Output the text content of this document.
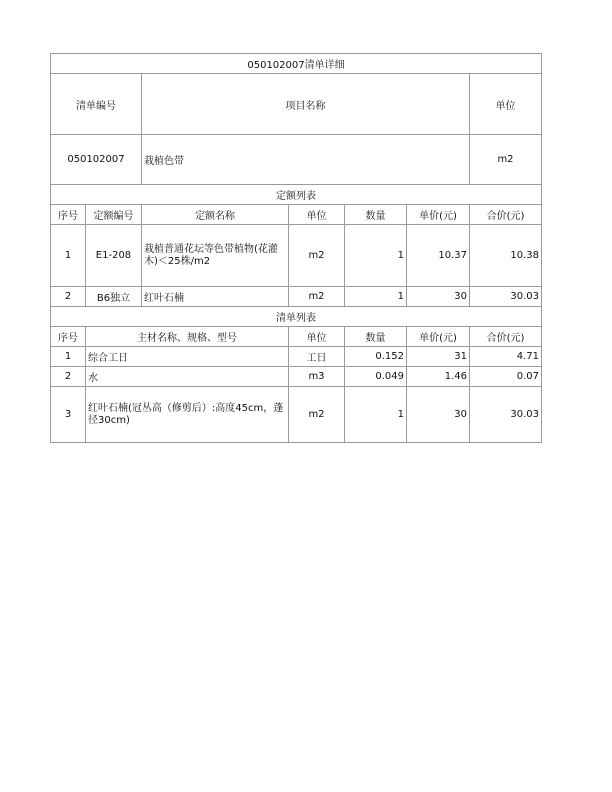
050102007清单详细							
清单编号		项目名称				单位	
050102007		栽植色带				m2	
定额列表							
序号	定额编号	定额名称	单位	数量	单价(元)	合价(元)	
1	E1-208	栽植普通花坛等色带植物(花灌木)＜25株/m2	m2	1	10.37	10.38	
2	B6独立	红叶石楠	m2	1	30	30.03	
清单列表							
序号	主材名称、规格、型号		单位	数量	单价(元)	合价(元)	
1	综合工日		工日	0.152	31	4.71	
2	水		m3	0.049	1.46	0.07	
3	红叶石楠(冠丛高（修剪后）:高度45cm，蓬径30cm)		m2	1	30	30.03	
